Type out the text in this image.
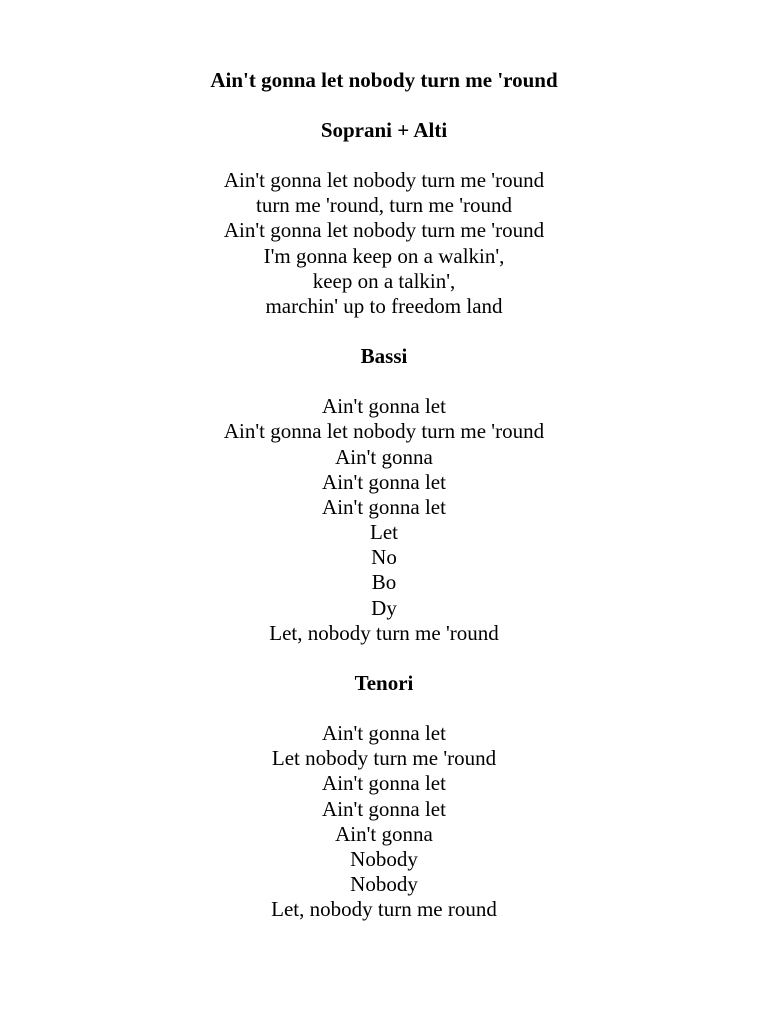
Ain't gonna let nobody turn me 'round
Soprani + Alti
Ain't gonna let nobody turn me 'round
turn me 'round, turn me 'round
Ain't gonna let nobody turn me 'round
I'm gonna keep on a walkin',
keep on a talkin',
marchin' up to freedom land
Bassi
Ain't gonna let
Ain't gonna let nobody turn me 'round
Ain't gonna
Ain't gonna let
Ain't gonna let
Let
No
Bo
Dy
Let, nobody turn me 'round
Tenori
Ain't gonna let
Let nobody turn me 'round
Ain't gonna let
Ain't gonna let
Ain't gonna
Nobody
Nobody
Let, nobody turn me round
